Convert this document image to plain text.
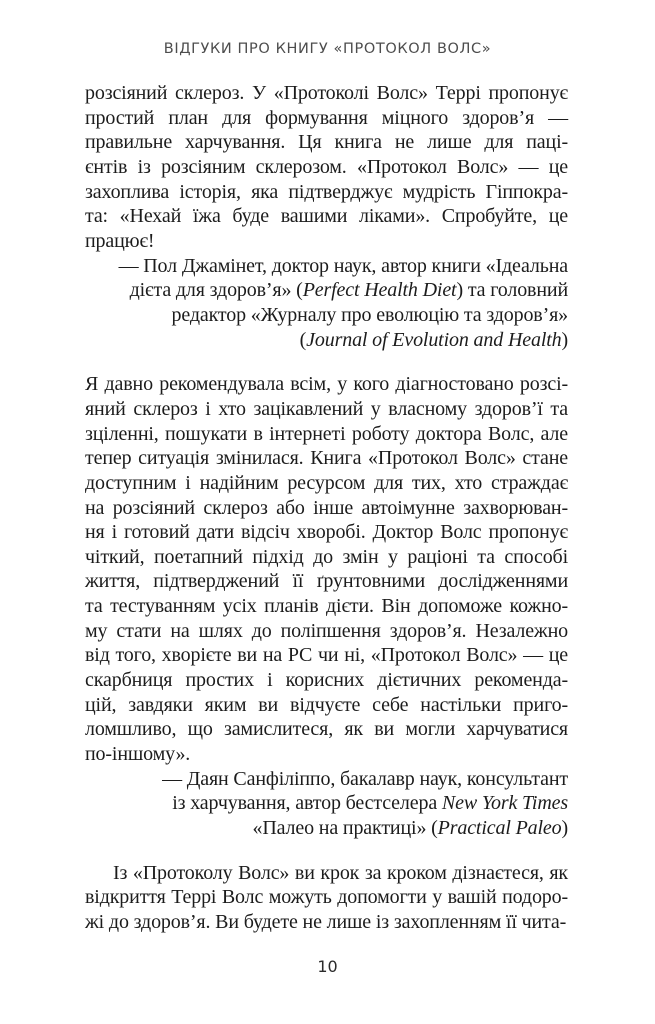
ВІДГУКИ ПРО КНИГУ «ПРОТОКОЛ ВОЛС»
розсіяний склероз. У «Протоколі Волс» Террі пропонує
простий план для формування міцного здоров’я —
правильне харчування. Ця книга не лише для паці-
єнтів із розсіяним склерозом. «Протокол Волс» — це
захоплива історія, яка підтверджує мудрість Гіппокра-
та: «Нехай їжа буде вашими ліками». Спробуйте, це
працює!
— Пол Джамінет, доктор наук, автор книги «Ідеальна
дієта для здоров’я» (Perfect Health Diet) та головний
редактор «Журналу про еволюцію та здоров’я»
(Journal of Evolution and Health)
Я давно рекомендувала всім, у кого діагностовано розсі-
яний склероз і хто зацікавлений у власному здоров’ї та
зціленні, пошукати в інтернеті роботу доктора Волс, але
тепер ситуація змінилася. Книга «Протокол Волс» стане
доступним і надійним ресурсом для тих, хто страждає
на розсіяний склероз або інше автоімунне захворюван-
ня і готовий дати відсіч хворобі. Доктор Волс пропонує
чіткий, поетапний підхід до змін у раціоні та способі
життя, підтверджений її ґрунтовними дослідженнями
та тестуванням усіх планів дієти. Він допоможе кожно-
му стати на шлях до поліпшення здоров’я. Незалежно
від того, хворієте ви на РС чи ні, «Протокол Волс» — це
скарбниця простих і корисних дієтичних рекоменда-
цій, завдяки яким ви відчуєте себе настільки приго-
ломшливо, що замислитеся, як ви могли харчуватися
по-іншому».
— Даян Санфіліппо, бакалавр наук, консультант
із харчування, автор бестселера New York Times
«Палео на практиці» (Practical Paleo)
Із «Протоколу Волс» ви крок за кроком дізнаєтеся, як
відкриття Террі Волс можуть допомогти у вашій подоро-
жі до здоров’я. Ви будете не лише із захопленням її чита-
10
